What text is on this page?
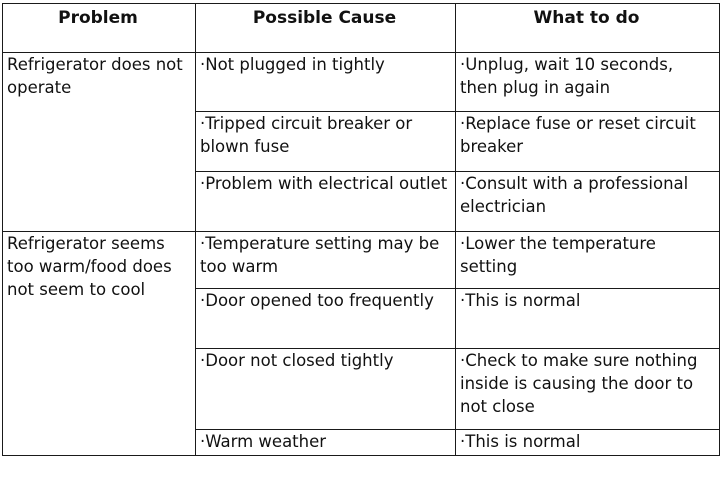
Problem	Possible Cause	What to do
Refrigerator does not operate	·Not plugged in tightly	·Unplug, wait 10 seconds, then plug in again
	·Tripped circuit breaker or blown fuse	·Replace fuse or reset circuit breaker
	·Problem with electrical outlet	·Consult with a professional electrician
Refrigerator seems too warm/food does not seem to cool	·Temperature setting may be too warm	·Lower the temperature setting
	·Door opened too frequently	·This is normal
	·Door not closed tightly	·Check to make sure nothing inside is causing the door to not close
	·Warm weather	·This is normal
